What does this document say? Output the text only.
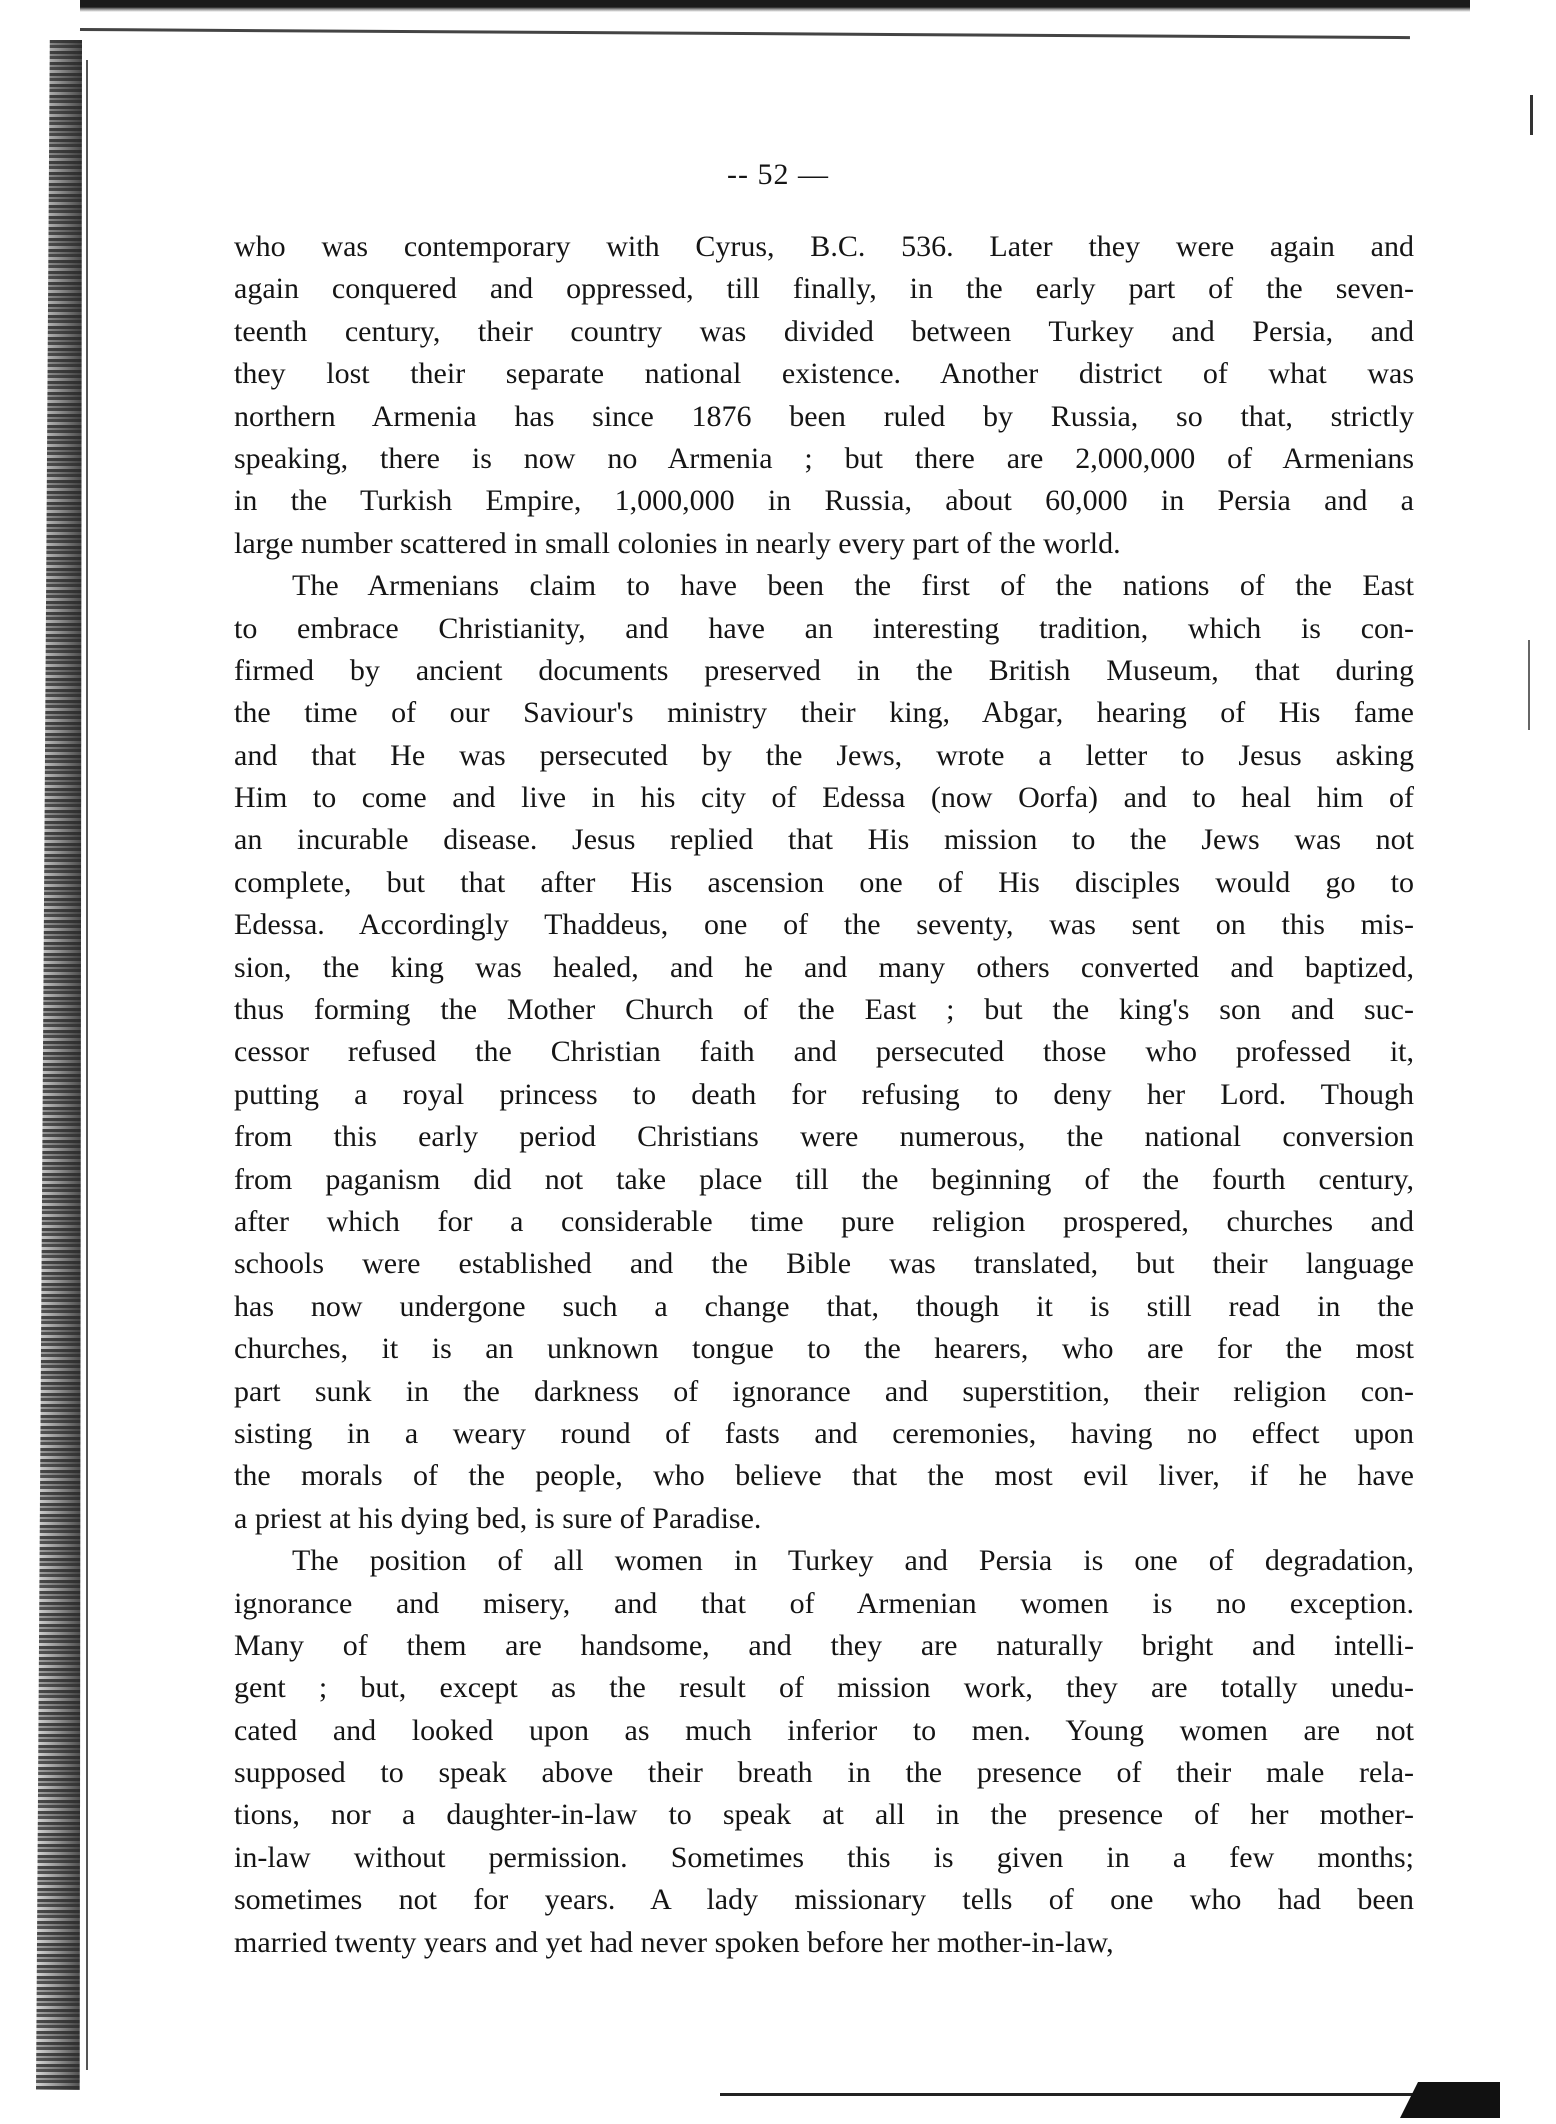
-- 52 —
who was contemporary with Cyrus, B.C. 536. Later they were again and
again conquered and oppressed, till finally, in the early part of the seven-
teenth century, their country was divided between Turkey and Persia, and
they lost their separate national existence. Another district of what was
northern Armenia has since 1876 been ruled by Russia, so that, strictly
speaking, there is now no Armenia ; but there are 2,000,000 of Armenians
in the Turkish Empire, 1,000,000 in Russia, about 60,000 in Persia and a
large number scattered in small colonies in nearly every part of the world.
The Armenians claim to have been the first of the nations of the East
to embrace Christianity, and have an interesting tradition, which is con-
firmed by ancient documents preserved in the British Museum, that during
the time of our Saviour's ministry their king, Abgar, hearing of His fame
and that He was persecuted by the Jews, wrote a letter to Jesus asking
Him to come and live in his city of Edessa (now Oorfa) and to heal him of
an incurable disease. Jesus replied that His mission to the Jews was not
complete, but that after His ascension one of His disciples would go to
Edessa. Accordingly Thaddeus, one of the seventy, was sent on this mis-
sion, the king was healed, and he and many others converted and baptized,
thus forming the Mother Church of the East ; but the king's son and suc-
cessor refused the Christian faith and persecuted those who professed it,
putting a royal princess to death for refusing to deny her Lord. Though
from this early period Christians were numerous, the national conversion
from paganism did not take place till the beginning of the fourth century,
after which for a considerable time pure religion prospered, churches and
schools were established and the Bible was translated, but their language
has now undergone such a change that, though it is still read in the
churches, it is an unknown tongue to the hearers, who are for the most
part sunk in the darkness of ignorance and superstition, their religion con-
sisting in a weary round of fasts and ceremonies, having no effect upon
the morals of the people, who believe that the most evil liver, if he have
a priest at his dying bed, is sure of Paradise.
The position of all women in Turkey and Persia is one of degradation,
ignorance and misery, and that of Armenian women is no exception.
Many of them are handsome, and they are naturally bright and intelli-
gent ; but, except as the result of mission work, they are totally unedu-
cated and looked upon as much inferior to men. Young women are not
supposed to speak above their breath in the presence of their male rela-
tions, nor a daughter-in-law to speak at all in the presence of her mother-
in-law without permission. Sometimes this is given in a few months;
sometimes not for years. A lady missionary tells of one who had been
married twenty years and yet had never spoken before her mother-in-law,
